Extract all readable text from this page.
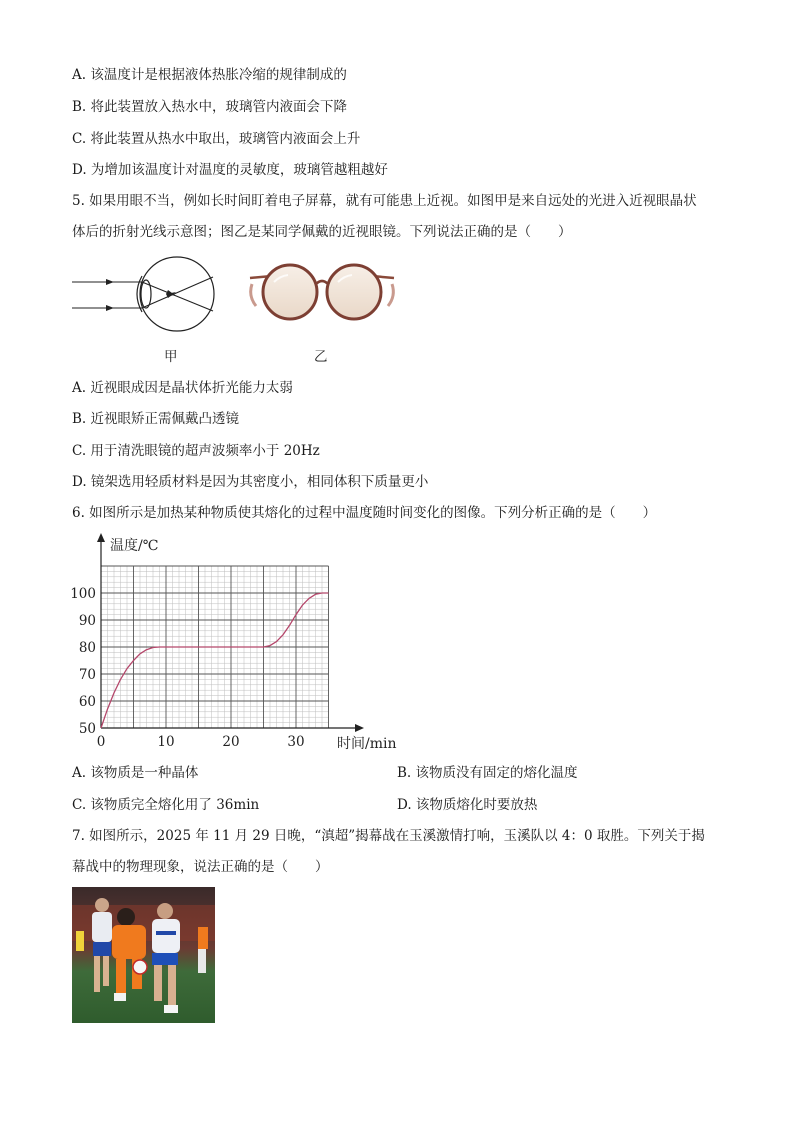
A. 该温度计是根据液体热胀冷缩的规律制成的
B. 将此装置放入热水中，玻璃管内液面会下降
C. 将此装置从热水中取出，玻璃管内液面会上升
D. 为增加该温度计对温度的灵敏度，玻璃管越粗越好
5. 如果用眼不当，例如长时间盯着电子屏幕，就有可能患上近视。如图甲是来自远处的光进入近视眼晶状
体后的折射光线示意图；图乙是某同学佩戴的近视眼镜。下列说法正确的是（　　）
甲	乙
A. 近视眼成因是晶状体折光能力太弱
B. 近视眼矫正需佩戴凸透镜
C. 用于清洗眼镜的超声波频率小于 20Hz
D. 镜架选用轻质材料是因为其密度小，相同体积下质量更小
6. 如图所示是加热某种物质使其熔化的过程中温度随时间变化的图像。下列分析正确的是（　　）
50
60
70
80
90
100
0	10	20	30
温度/℃
时间/min
A. 该物质是一种晶体	B. 该物质没有固定的熔化温度
C. 该物质完全熔化用了 36min	D. 该物质熔化时要放热
7. 如图所示，2025 年 11 月 29 日晚，“滇超”揭幕战在玉溪激情打响，玉溪队以 4：0 取胜。下列关于揭
幕战中的物理现象，说法正确的是（　　）
